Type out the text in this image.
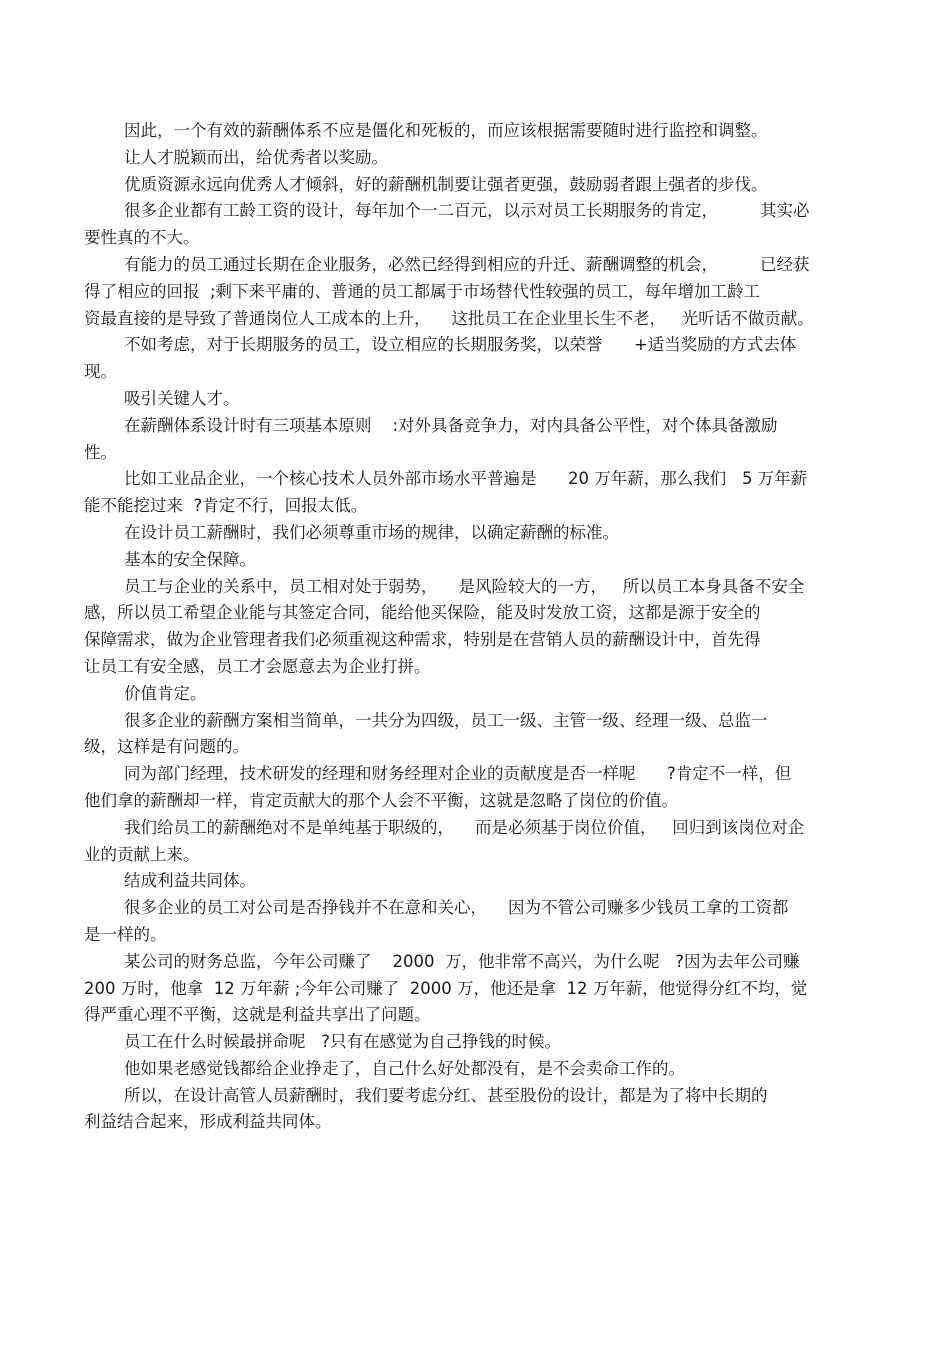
因此，一个有效的薪酬体系不应是僵化和死板的，而应该根据需要随时进行监控和调整。
让人才脱颖而出，给优秀者以奖励。
优质资源永远向优秀人才倾斜，好的薪酬机制要让强者更强，鼓励弱者跟上强者的步伐。
很多企业都有工龄工资的设计，每年加个一二百元，以示对员工长期服务的肯定，        其实必
要性真的不大。
有能力的员工通过长期在企业服务，必然已经得到相应的升迁、薪酬调整的机会，        已经获
得了相应的回报  ;剩下来平庸的、普通的员工都属于市场替代性较强的员工，每年增加工龄工
资最直接的是导致了普通岗位人工成本的上升，    这批员工在企业里长生不老，   光听话不做贡献。
不如考虑，对于长期服务的员工，设立相应的长期服务奖，以荣誉      +适当奖励的方式去体
现。
吸引关键人才。
在薪酬体系设计时有三项基本原则    :对外具备竞争力，对内具备公平性，对个体具备激励
性。
比如工业品企业，一个核心技术人员外部市场水平普遍是      20 万年薪，那么我们   5 万年薪
能不能挖过来  ?肯定不行，回报太低。
在设计员工薪酬时，我们必须尊重市场的规律，以确定薪酬的标准。
基本的安全保障。
员工与企业的关系中，员工相对处于弱势，    是风险较大的一方，   所以员工本身具备不安全
感，所以员工希望企业能与其签定合同，能给他买保险，能及时发放工资，这都是源于安全的
保障需求，做为企业管理者我们必须重视这种需求，特别是在营销人员的薪酬设计中，首先得
让员工有安全感，员工才会愿意去为企业打拼。
价值肯定。
很多企业的薪酬方案相当简单，一共分为四级，员工一级、主管一级、经理一级、总监一
级，这样是有问题的。
同为部门经理，技术研发的经理和财务经理对企业的贡献度是否一样呢      ?肯定不一样，但
他们拿的薪酬却一样，肯定贡献大的那个人会不平衡，这就是忽略了岗位的价值。
我们给员工的薪酬绝对不是单纯基于职级的，    而是必须基于岗位价值，   回归到该岗位对企
业的贡献上来。
结成利益共同体。
很多企业的员工对公司是否挣钱并不在意和关心，    因为不管公司赚多少钱员工拿的工资都
是一样的。
某公司的财务总监，今年公司赚了    2000  万，他非常不高兴，为什么呢   ?因为去年公司赚
200 万时，他拿  12 万年薪 ;今年公司赚了  2000 万，他还是拿  12 万年薪，他觉得分红不均，觉
得严重心理不平衡，这就是利益共享出了问题。
员工在什么时候最拼命呢   ?只有在感觉为自己挣钱的时候。
他如果老感觉钱都给企业挣走了，自己什么好处都没有，是不会卖命工作的。
所以，在设计高管人员薪酬时，我们要考虑分红、甚至股份的设计，都是为了将中长期的
利益结合起来，形成利益共同体。
